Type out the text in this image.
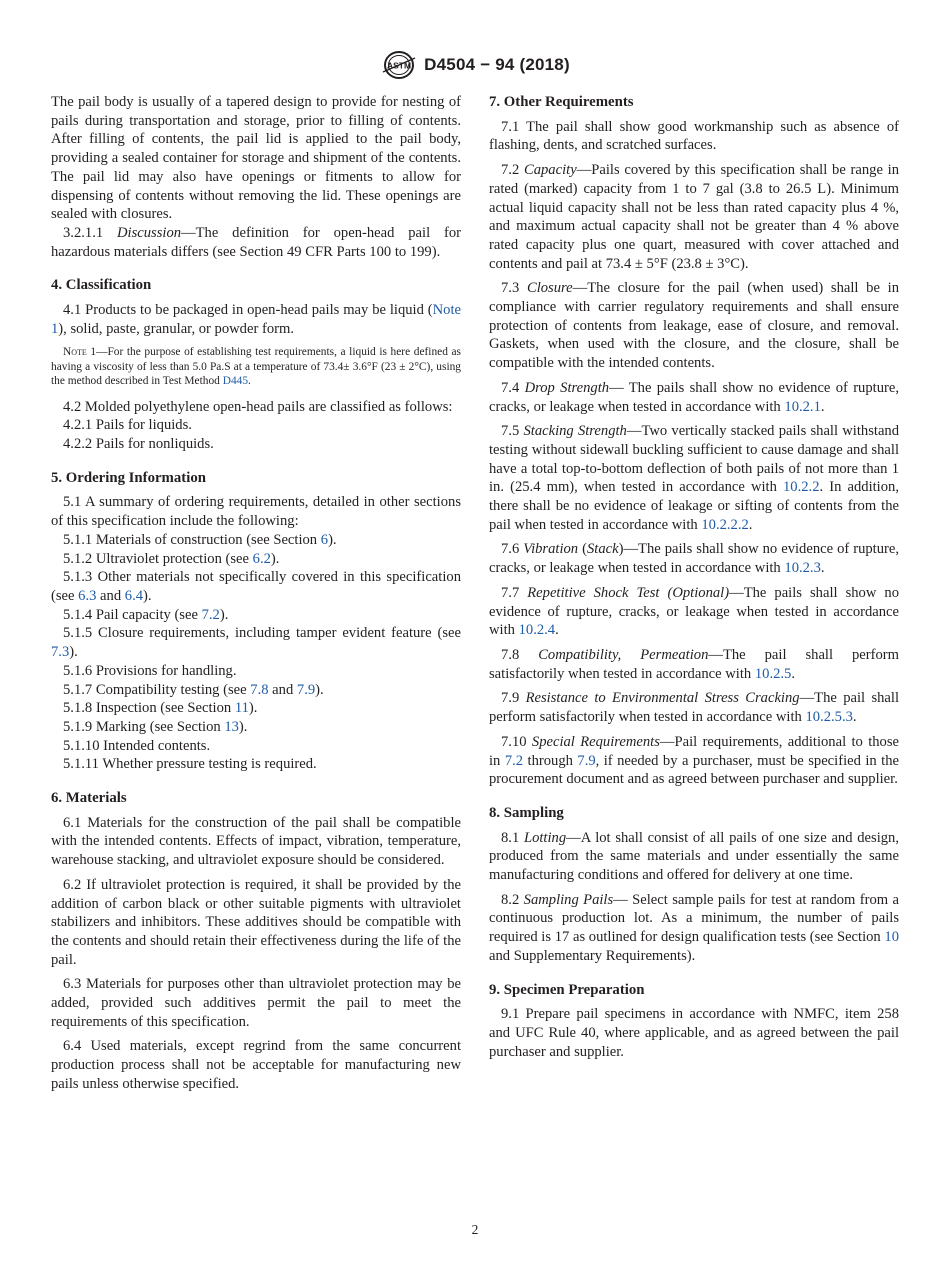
ASTM D4504 − 94 (2018)

The pail body is usually of a tapered design to provide for nesting of pails during transportation and storage, prior to filling of contents. After filling of contents, the pail lid is applied to the pail body, providing a sealed container for storage and shipment of the contents. The pail lid may also have openings or fitments to allow for dispensing of contents without removing the lid. These openings are sealed with closures.

3.2.1.1 Discussion—The definition for open-head pail for hazardous materials differs (see Section 49 CFR Parts 100 to 199).

4. Classification

4.1 Products to be packaged in open-head pails may be liquid (Note 1), solid, paste, granular, or powder form.

Note 1—For the purpose of establishing test requirements, a liquid is here defined as having a viscosity of less than 5.0 Pa.S at a temperature of 73.4± 3.6°F (23 ± 2°C), using the method described in Test Method D445.

4.2 Molded polyethylene open-head pails are classified as follows:

4.2.1 Pails for liquids.

4.2.2 Pails for nonliquids.

5. Ordering Information

5.1 A summary of ordering requirements, detailed in other sections of this specification include the following:

5.1.1 Materials of construction (see Section 6).

5.1.2 Ultraviolet protection (see 6.2).

5.1.3 Other materials not specifically covered in this specification (see 6.3 and 6.4).

5.1.4 Pail capacity (see 7.2).

5.1.5 Closure requirements, including tamper evident feature (see 7.3).

5.1.6 Provisions for handling.

5.1.7 Compatibility testing (see 7.8 and 7.9).

5.1.8 Inspection (see Section 11).

5.1.9 Marking (see Section 13).

5.1.10 Intended contents.

5.1.11 Whether pressure testing is required.

6. Materials

6.1 Materials for the construction of the pail shall be compatible with the intended contents. Effects of impact, vibration, temperature, warehouse stacking, and ultraviolet exposure should be considered.

6.2 If ultraviolet protection is required, it shall be provided by the addition of carbon black or other suitable pigments with ultraviolet stabilizers and inhibitors. These additives should be compatible with the contents and should retain their effectiveness during the life of the pail.

6.3 Materials for purposes other than ultraviolet protection may be added, provided such additives permit the pail to meet the requirements of this specification.

6.4 Used materials, except regrind from the same concurrent production process shall not be acceptable for manufacturing new pails unless otherwise specified.

7. Other Requirements

7.1 The pail shall show good workmanship such as absence of flashing, dents, and scratched surfaces.

7.2 Capacity—Pails covered by this specification shall be range in rated (marked) capacity from 1 to 7 gal (3.8 to 26.5 L). Minimum actual liquid capacity shall not be less than rated capacity plus 4 %, and maximum actual capacity shall not be greater than 4 % above rated capacity plus one quart, measured with cover attached and contents and pail at 73.4 ± 5°F (23.8 ± 3°C).

7.3 Closure—The closure for the pail (when used) shall be in compliance with carrier regulatory requirements and shall ensure protection of contents from leakage, ease of closure, and removal. Gaskets, when used with the closure, and the closure, shall be compatible with the intended contents.

7.4 Drop Strength— The pails shall show no evidence of rupture, cracks, or leakage when tested in accordance with 10.2.1.

7.5 Stacking Strength—Two vertically stacked pails shall withstand testing without sidewall buckling sufficient to cause damage and shall have a total top-to-bottom deflection of both pails of not more than 1 in. (25.4 mm), when tested in accordance with 10.2.2. In addition, there shall be no evidence of leakage or sifting of contents from the pail when tested in accordance with 10.2.2.2.

7.6 Vibration (Stack)—The pails shall show no evidence of rupture, cracks, or leakage when tested in accordance with 10.2.3.

7.7 Repetitive Shock Test (Optional)—The pails shall show no evidence of rupture, cracks, or leakage when tested in accordance with 10.2.4.

7.8 Compatibility, Permeation—The pail shall perform satisfactorily when tested in accordance with 10.2.5.

7.9 Resistance to Environmental Stress Cracking—The pail shall perform satisfactorily when tested in accordance with 10.2.5.3.

7.10 Special Requirements—Pail requirements, additional to those in 7.2 through 7.9, if needed by a purchaser, must be specified in the procurement document and as agreed between purchaser and supplier.

8. Sampling

8.1 Lotting—A lot shall consist of all pails of one size and design, produced from the same materials and under essentially the same manufacturing conditions and offered for delivery at one time.

8.2 Sampling Pails— Select sample pails for test at random from a continuous production lot. As a minimum, the number of pails required is 17 as outlined for design qualification tests (see Section 10 and Supplementary Requirements).

9. Specimen Preparation

9.1 Prepare pail specimens in accordance with NMFC, item 258 and UFC Rule 40, where applicable, and as agreed between the pail purchaser and supplier.

2
